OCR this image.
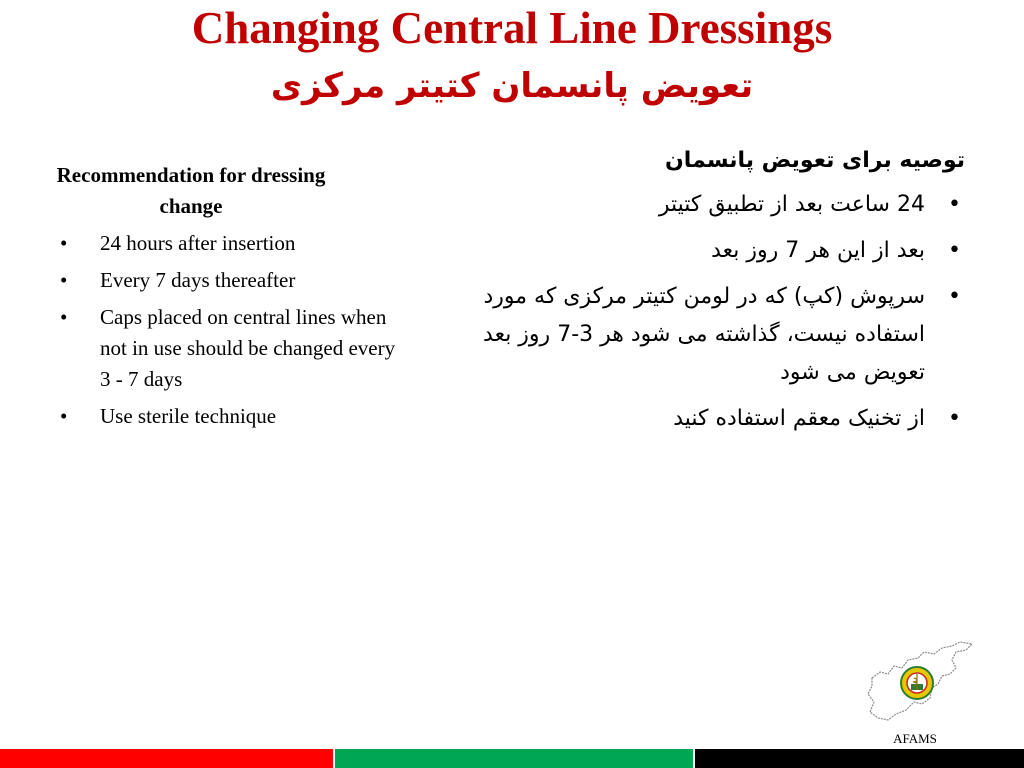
Changing Central Line Dressings
تعویض پانسمان کتیتر مرکزی
Recommendation for dressing change
• 24 hours after insertion
• Every 7 days thereafter
• Caps placed on central lines when not in use should be changed every 3 - 7 days
• Use sterile technique
توصیه برای تعویض پانسمان
•
24 ساعت بعد از تطبیق کتیتر
•
بعد از این هر 7 روز بعد
•
سرپوش (کپ) که در لومن کتیتر مرکزی که مورد استفاده نیست، گذاشته می شود هر 3-7 روز بعد تعویض می شود
•
از تخنیک معقم استفاده کنید
AFAMS
